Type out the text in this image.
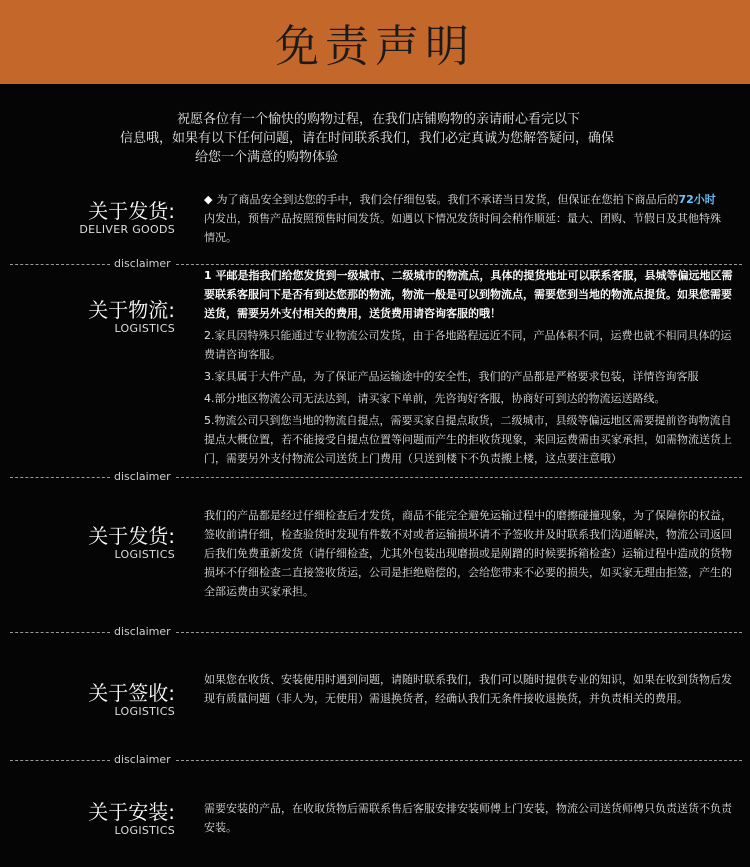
免责声明
祝愿各位有一个愉快的购物过程，在我们店铺购物的亲请耐心看完以下
信息哦，如果有以下任何问题，请在时间联系我们，我们必定真诚为您解答疑问，确保
给您一个满意的购物体验
关于发货:
DELIVER GOODS

◆ 为了商品安全到达您的手中，我们会仔细包装。我们不承诺当日发货，但保证在您拍下商品后的72小时内发出，预售产品按照预售时间发货。如遇以下情况发货时间会稍作顺延：量大、团购、节假日及其他特殊情况。

disclaimer
关于物流:
LOGISTICS

1 平邮是指我们给您发货到一级城市、二级城市的物流点，具体的提货地址可以联系客服，县城等偏远地区需要联系客服问下是否有到达您那的物流，物流一般是可以到物流点，需要您到当地的物流点提货。如果您需要送货，需要另外支付相关的费用，送货费用请咨询客服的哦！

2.家具因特殊只能通过专业物流公司发货，由于各地路程远近不同，产品体积不同，运费也就不相同具体的运费请咨询客服。

3.家具属于大件产品，为了保证产品运输途中的安全性，我们的产品都是严格要求包装，详情咨询客服

4.部分地区物流公司无法达到，请买家下单前，先咨询好客服，协商好可到达的物流运送路线。

5.物流公司只到您当地的物流自提点，需要买家自提点取货，二级城市，县级等偏远地区需要提前咨询物流自提点大概位置，若不能接受自提点位置等问题而产生的拒收货现象，来回运费需由买家承担，如需物流送货上门，需要另外支付物流公司送货上门费用（只送到楼下不负责搬上楼，这点要注意哦）

disclaimer
关于发货:
LOGISTICS

我们的产品都是经过仔细检查后才发货，商品不能完全避免运输过程中的磨擦碰撞现象，为了保障你的权益，签收前请仔细，检查验货时发现有件数不对或者运输损坏请不予签收并及时联系我们沟通解决，物流公司返回后我们免费重新发货（请仔细检查，尤其外包装出现磨损或是剐蹭的时候要拆箱检查）运输过程中造成的货物损坏不仔细检查二直接签收货运，公司是拒绝赔偿的，会给您带来不必要的损失，如买家无理由拒签，产生的全部运费由买家承担。

disclaimer
关于签收:
LOGISTICS

如果您在收货、安装使用时遇到问题，请随时联系我们，我们可以随时提供专业的知识，如果在收到货物后发现有质量问题（非人为，无使用）需退换货者，经确认我们无条件接收退换货，并负责相关的费用。

disclaimer
关于安装:
LOGISTICS

需要安装的产品，在收取货物后需联系售后客服安排安装师傅上门安装，物流公司送货师傅只负责送货不负责安装。
